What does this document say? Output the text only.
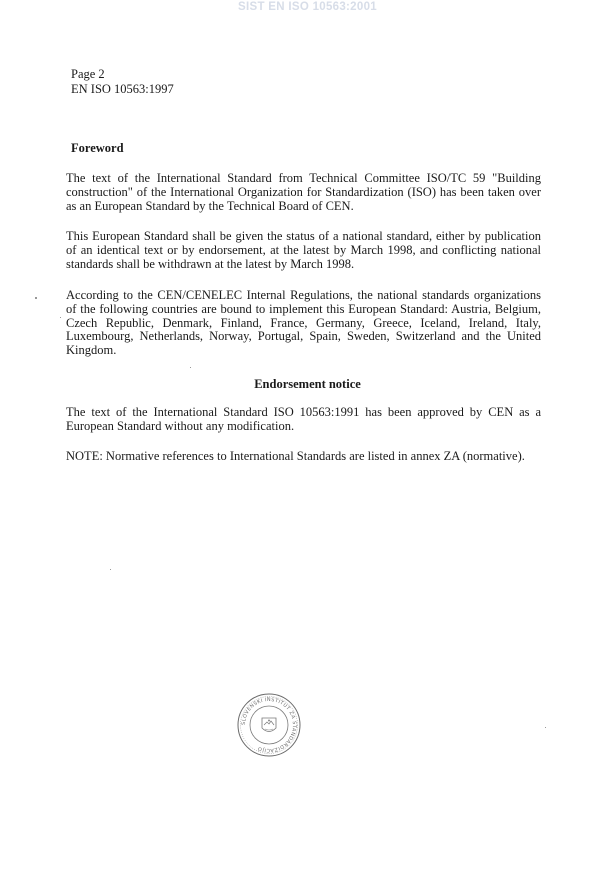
SIST EN ISO 10563:2001
Page 2
EN ISO 10563:1997
Foreword

The text of the International Standard from Technical Committee ISO/TC 59 "Building construction" of the International Organization for Standardization (ISO) has been taken over as an European Standard by the Technical Board of CEN.

This European Standard shall be given the status of a national standard, either by publication of an identical text or by endorsement, at the latest by March 1998, and conflicting national standards shall be withdrawn at the latest by March 1998.

According to the CEN/CENELEC Internal Regulations, the national standards organizations of the following countries are bound to implement this European Standard: Austria, Belgium, Czech Republic, Denmark, Finland, France, Germany, Greece, Iceland, Ireland, Italy, Luxembourg, Netherlands, Norway, Portugal, Spain, Sweden, Switzerland and the United Kingdom.

Endorsement notice

The text of the International Standard ISO 10563:1991 has been approved by CEN as a European Standard without any modification.

NOTE: Normative references to International Standards are listed in annex ZA (normative).

SLOVENSKI INSTITUT ZA STANDARDIZACIJO
